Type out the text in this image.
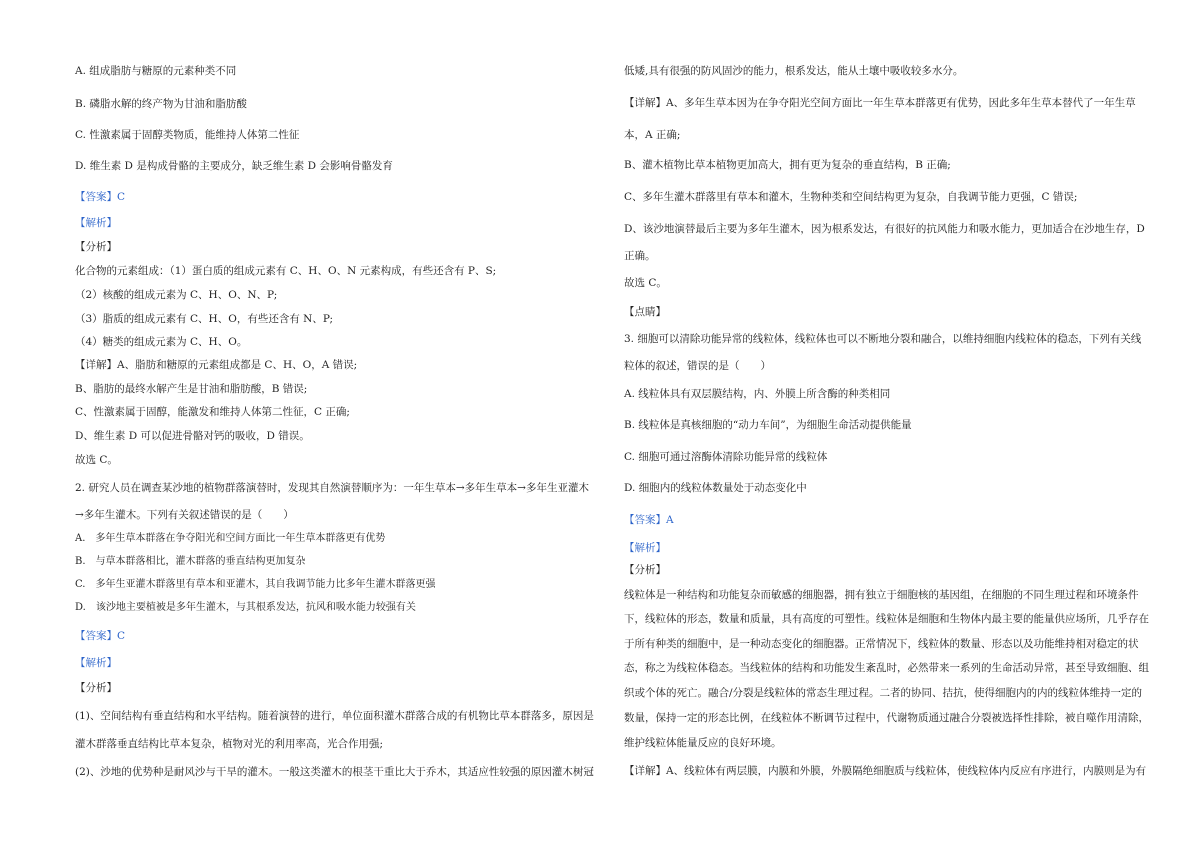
A. 组成脂肪与糖原的元素种类不同
B. 磷脂水解的终产物为甘油和脂肪酸
C. 性激素属于固醇类物质，能维持人体第二性征
D. 维生素 D 是构成骨骼的主要成分，缺乏维生素 D 会影响骨骼发育
【答案】C
【解析】
【分析】
化合物的元素组成：（1）蛋白质的组成元素有 C、H、O、N 元素构成，有些还含有 P、S;
（2）核酸的组成元素为 C、H、O、N、P;
（3）脂质的组成元素有 C、H、O，有些还含有 N、P;
（4）糖类的组成元素为 C、H、O。
【详解】A、脂肪和糖原的元素组成都是 C、H、O，A 错误;
B、脂肪的最终水解产生是甘油和脂肪酸，B 错误;
C、性激素属于固醇，能激发和维持人体第二性征，C 正确;
D、维生素 D 可以促进骨骼对钙的吸收，D 错误。
故选 C。
2. 研究人员在调查某沙地的植物群落演替时，发现其自然演替顺序为：一年生草本→多年生草本→多年生亚灌木
→多年生灌木。下列有关叙述错误的是（　　）
A.　多年生草本群落在争夺阳光和空间方面比一年生草本群落更有优势
B.　与草本群落相比，灌木群落的垂直结构更加复杂
C.　多年生亚灌木群落里有草本和亚灌木，其自我调节能力比多年生灌木群落更强
D.　该沙地主要植被是多年生灌木，与其根系发达，抗风和吸水能力较强有关
【答案】C
【解析】
【分析】
(1)、空间结构有垂直结构和水平结构。随着演替的进行，单位面积灌木群落合成的有机物比草本群落多，原因是
灌木群落垂直结构比草本复杂，植物对光的利用率高，光合作用强;
(2)、沙地的优势种是耐风沙与干旱的灌木。一般这类灌木的根茎干重比大于乔木，其适应性较强的原因灌木树冠
低矮,具有很强的防风固沙的能力，根系发达，能从土壤中吸收较多水分。
【详解】A、多年生草本因为在争夺阳光空间方面比一年生草本群落更有优势，因此多年生草本替代了一年生草
本，A 正确;
B、灌木植物比草本植物更加高大，拥有更为复杂的垂直结构，B 正确;
C、多年生灌木群落里有草本和灌木，生物种类和空间结构更为复杂，自我调节能力更强，C 错误;
D、该沙地演替最后主要为多年生灌木，因为根系发达，有很好的抗风能力和吸水能力，更加适合在沙地生存，D
正确。
故选 C。
【点睛】
3. 细胞可以清除功能异常的线粒体，线粒体也可以不断地分裂和融合，以维持细胞内线粒体的稳态，下列有关线
粒体的叙述，错误的是（　　）
A. 线粒体具有双层膜结构，内、外膜上所含酶的种类相同
B. 线粒体是真核细胞的“动力车间”，为细胞生命活动提供能量
C. 细胞可通过溶酶体清除功能异常的线粒体
D. 细胞内的线粒体数量处于动态变化中
【答案】A
【解析】
【分析】
线粒体是一种结构和功能复杂而敏感的细胞器，拥有独立于细胞核的基因组，在细胞的不同生理过程和环境条件
下，线粒体的形态，数量和质量，具有高度的可塑性。线粒体是细胞和生物体内最主要的能量供应场所，几乎存在
于所有种类的细胞中，是一种动态变化的细胞器。正常情况下，线粒体的数量、形态以及功能维持相对稳定的状
态，称之为线粒体稳态。当线粒体的结构和功能发生紊乱时，必然带来一系列的生命活动异常，甚至导致细胞、组
织或个体的死亡。融合/分裂是线粒体的常态生理过程。二者的协同、拮抗，使得细胞内的内的线粒体维持一定的
数量，保持一定的形态比例，在线粒体不断调节过程中，代谢物质通过融合分裂被选择性排除，被自噬作用清除，
维护线粒体能量反应的良好环境。
【详解】A、线粒体有两层膜，内膜和外膜，外膜隔绝细胞质与线粒体，使线粒体内反应有序进行，内膜则是为有
